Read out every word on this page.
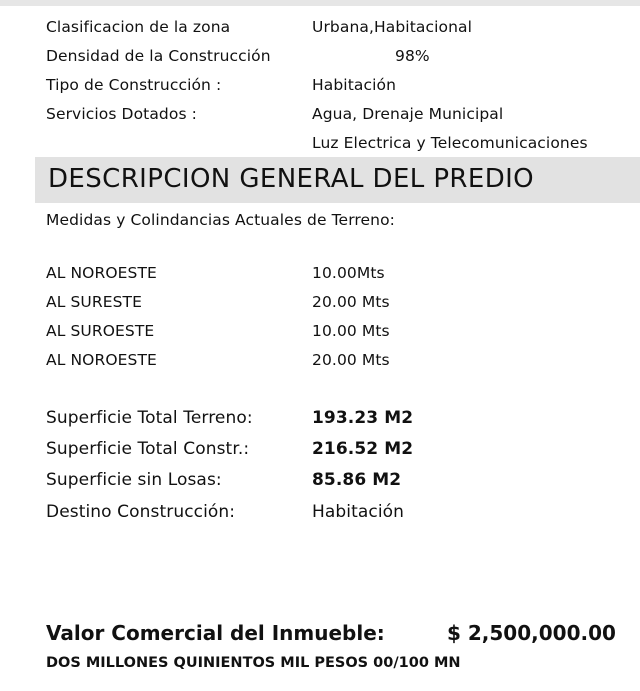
Clasificacion de la zona	Urbana,Habitacional
Densidad de la Construcción	98%
Tipo de Construcción :	Habitación
Servicios Dotados :	Agua, Drenaje Municipal
Luz Electrica y Telecomunicaciones
DESCRIPCION GENERAL DEL PREDIO
Medidas y Colindancias Actuales de Terreno:
AL NOROESTE	10.00Mts
AL SURESTE	20.00 Mts
AL SUROESTE	10.00 Mts
AL NOROESTE	20.00 Mts
Superficie Total Terreno:	193.23 M2
Superficie Total Constr.:	216.52 M2
Superficie sin Losas:	85.86 M2
Destino Construcción:	Habitación
Valor Comercial del Inmueble:	$ 2,500,000.00
DOS MILLONES QUINIENTOS MIL PESOS 00/100 MN
